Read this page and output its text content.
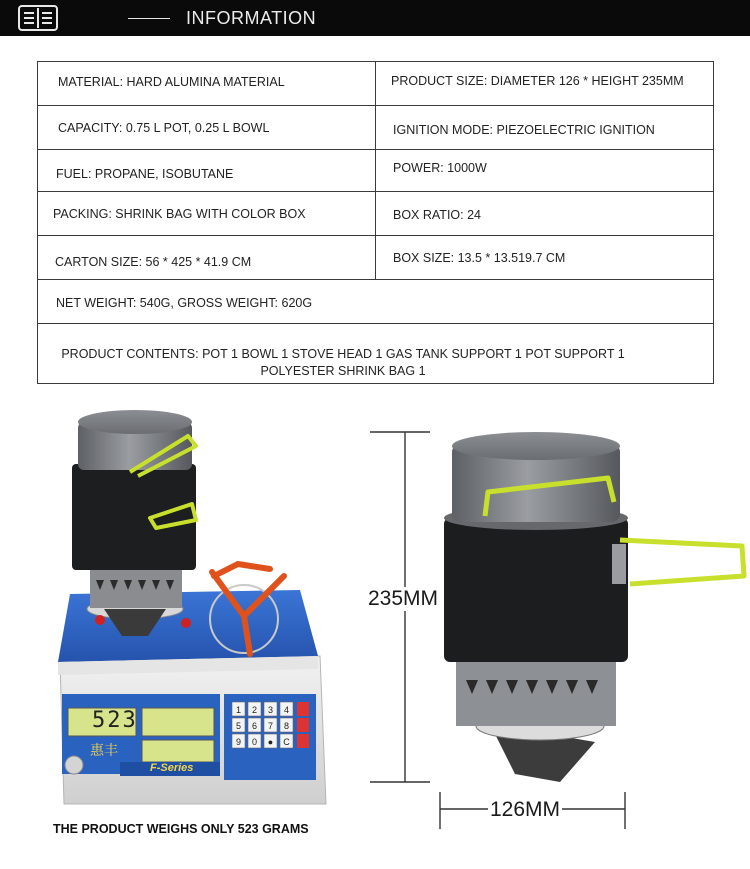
INFORMATION
MATERIAL: HARD ALUMINA MATERIAL	PRODUCT SIZE: DIAMETER 126 * HEIGHT 235MM
CAPACITY: 0.75 L POT, 0.25 L BOWL	IGNITION MODE: PIEZOELECTRIC IGNITION
FUEL: PROPANE, ISOBUTANE	POWER: 1000W
PACKING: SHRINK BAG WITH COLOR BOX	BOX RATIO: 24
CARTON SIZE: 56 * 425 * 41.9 CM	BOX SIZE: 13.5 * 13.519.7 CM
NET WEIGHT: 540G, GROSS WEIGHT: 620G
PRODUCT CONTENTS: POT 1 BOWL 1 STOVE HEAD 1 GAS TANK SUPPORT 1 POT SUPPORT 1
POLYESTER SHRINK BAG 1
1 2 3 4
5 6 7 8
9 0 ● C
523
惠丰
F-Series
235MM
126MM
THE PRODUCT WEIGHS ONLY 523 GRAMS
